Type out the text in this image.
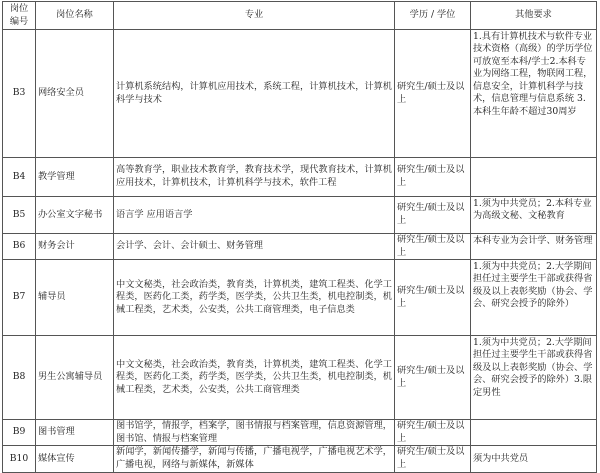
岗位
编号	岗位名称	专业	学历 / 学位	其他要求
B3	网络安全员	计算机系统结构，计算机应用技术，系统工程，计算机技术，计算机科学与技术	研究生/硕士及以上	1.具有计算机技术与软件专业技术资格（高级）的学历学位可放宽至本科/学士2.本科专业为网络工程，物联网工程，信息安全，计算机科学与技术，信息管理与信息系统 3.本科生年龄不超过30周岁

B4	教学管理	高等教育学，职业技术教育学，教育技术学，现代教育技术，计算机应用技术，计算机技术，计算机科学与技术，软件工程	研究生/硕士及以上	
B5	办公室文字秘书	语言学 应用语言学	研究生/硕士及以上	1.须为中共党员；2.本科专业为高级文秘、文秘教育

B6	财务会计	会计学、会计、会计硕士、财务管理	研究生/硕士及以上	本科专业为会计学、财务管理

B7	辅导员	中文文秘类，社会政治类，教育类，计算机类，建筑工程类、化学工程类，医药化工类，药学类，医学类，公共卫生类，机电控制类，机械工程类，艺术类，公安类，公共工商管理类，电子信息类	研究生/硕士及以上	1.须为中共党员；2.大学期间担任过主要学生干部或获得省级及以上表彰奖励（协会、学会、研究会授予的除外）

B8	男生公寓辅导员	中文文秘类，社会政治类，教育类，计算机类，建筑工程类、化学工程类，医药化工类，药学类，医学类，公共卫生类，机电控制类，机械工程类，艺术类，公安类，公共工商管理类	研究生/硕士及以上	1.须为中共党员；2.大学期间担任过主要学生干部或获得省级及以上表彰奖励（协会、学会、研究会授予的除外）3.限定男性

B9	图书管理	图书馆学，情报学，档案学，图书情报与档案管理，信息资源管理，图书馆、情报与档案管理	研究生/硕士及以上	
B10	媒体宣传	新闻学，新闻传播学，新闻与传播，广播电视学，广播电视艺术学，广播电视，网络与新媒体，新媒体	研究生/硕士及以上	须为中共党员
